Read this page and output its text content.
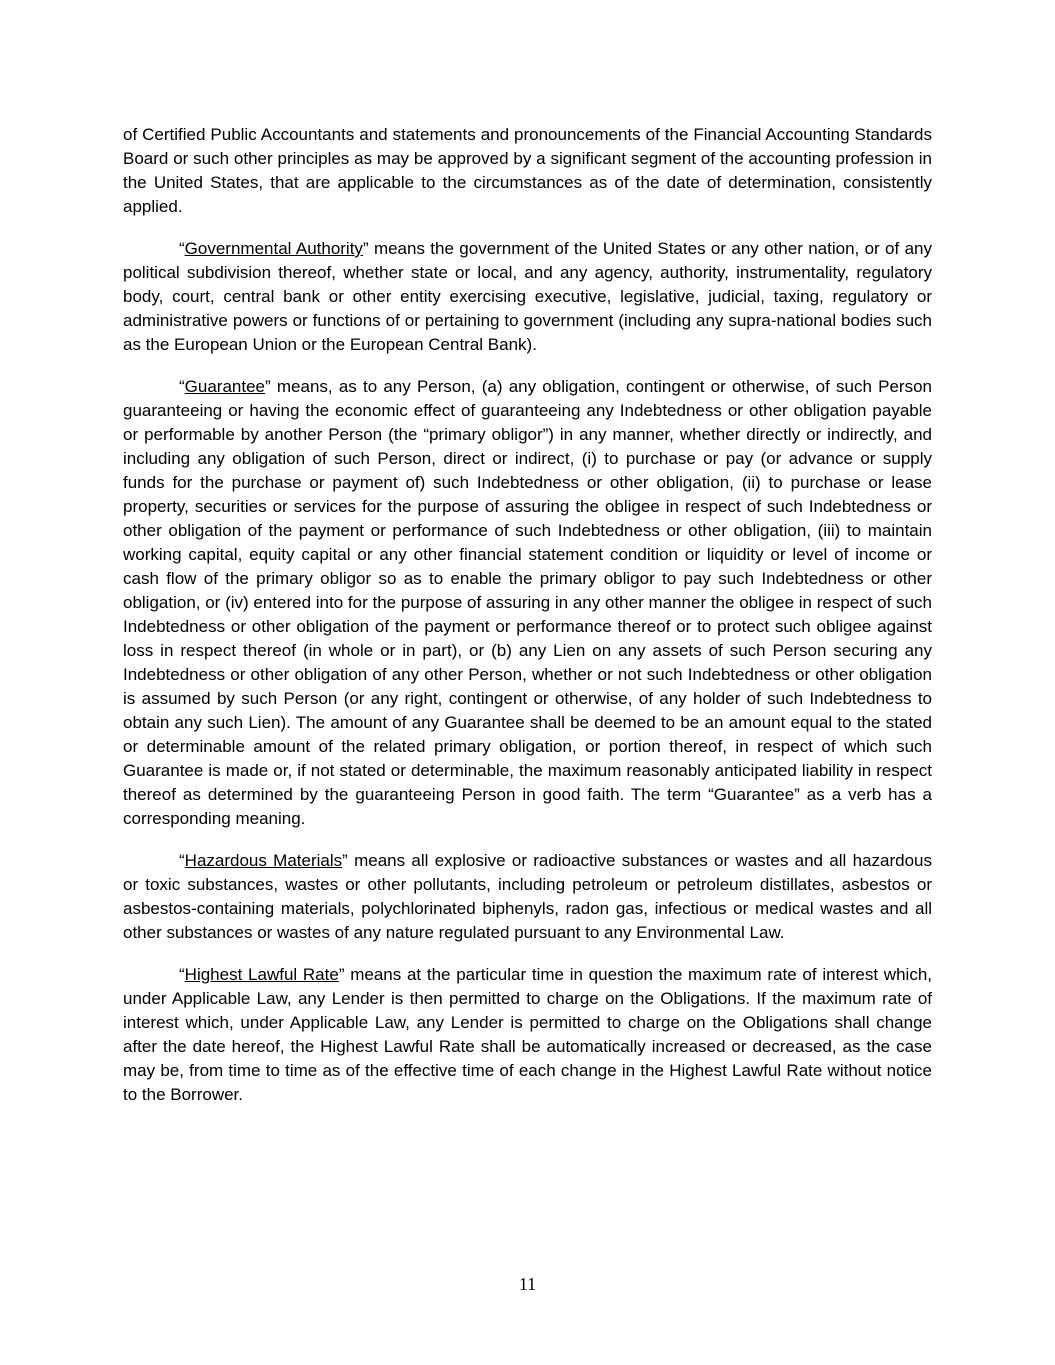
of Certified Public Accountants and statements and pronouncements of the Financial Accounting Standards Board or such other principles as may be approved by a significant segment of the accounting profession in the United States, that are applicable to the circumstances as of the date of determination, consistently applied.

“Governmental Authority” means the government of the United States or any other nation, or of any political subdivision thereof, whether state or local, and any agency, authority, instrumentality, regulatory body, court, central bank or other entity exercising executive, legislative, judicial, taxing, regulatory or administrative powers or functions of or pertaining to government (including any supra-national bodies such as the European Union or the European Central Bank).

“Guarantee” means, as to any Person, (a) any obligation, contingent or otherwise, of such Person guaranteeing or having the economic effect of guaranteeing any Indebtedness or other obligation payable or performable by another Person (the “primary obligor”) in any manner, whether directly or indirectly, and including any obligation of such Person, direct or indirect, (i) to purchase or pay (or advance or supply funds for the purchase or payment of) such Indebtedness or other obligation, (ii) to purchase or lease property, securities or services for the purpose of assuring the obligee in respect of such Indebtedness or other obligation of the payment or performance of such Indebtedness or other obligation, (iii) to maintain working capital, equity capital or any other financial statement condition or liquidity or level of income or cash flow of the primary obligor so as to enable the primary obligor to pay such Indebtedness or other obligation, or (iv) entered into for the purpose of assuring in any other manner the obligee in respect of such Indebtedness or other obligation of the payment or performance thereof or to protect such obligee against loss in respect thereof (in whole or in part), or (b) any Lien on any assets of such Person securing any Indebtedness or other obligation of any other Person, whether or not such Indebtedness or other obligation is assumed by such Person (or any right, contingent or otherwise, of any holder of such Indebtedness to obtain any such Lien). The amount of any Guarantee shall be deemed to be an amount equal to the stated or determinable amount of the related primary obligation, or portion thereof, in respect of which such Guarantee is made or, if not stated or determinable, the maximum reasonably anticipated liability in respect thereof as determined by the guaranteeing Person in good faith. The term “Guarantee” as a verb has a corresponding meaning.

“Hazardous Materials” means all explosive or radioactive substances or wastes and all hazardous or toxic substances, wastes or other pollutants, including petroleum or petroleum distillates, asbestos or asbestos-containing materials, polychlorinated biphenyls, radon gas, infectious or medical wastes and all other substances or wastes of any nature regulated pursuant to any Environmental Law.

“Highest Lawful Rate” means at the particular time in question the maximum rate of interest which, under Applicable Law, any Lender is then permitted to charge on the Obligations. If the maximum rate of interest which, under Applicable Law, any Lender is permitted to charge on the Obligations shall change after the date hereof, the Highest Lawful Rate shall be automatically increased or decreased, as the case may be, from time to time as of the effective time of each change in the Highest Lawful Rate without notice to the Borrower.

11
